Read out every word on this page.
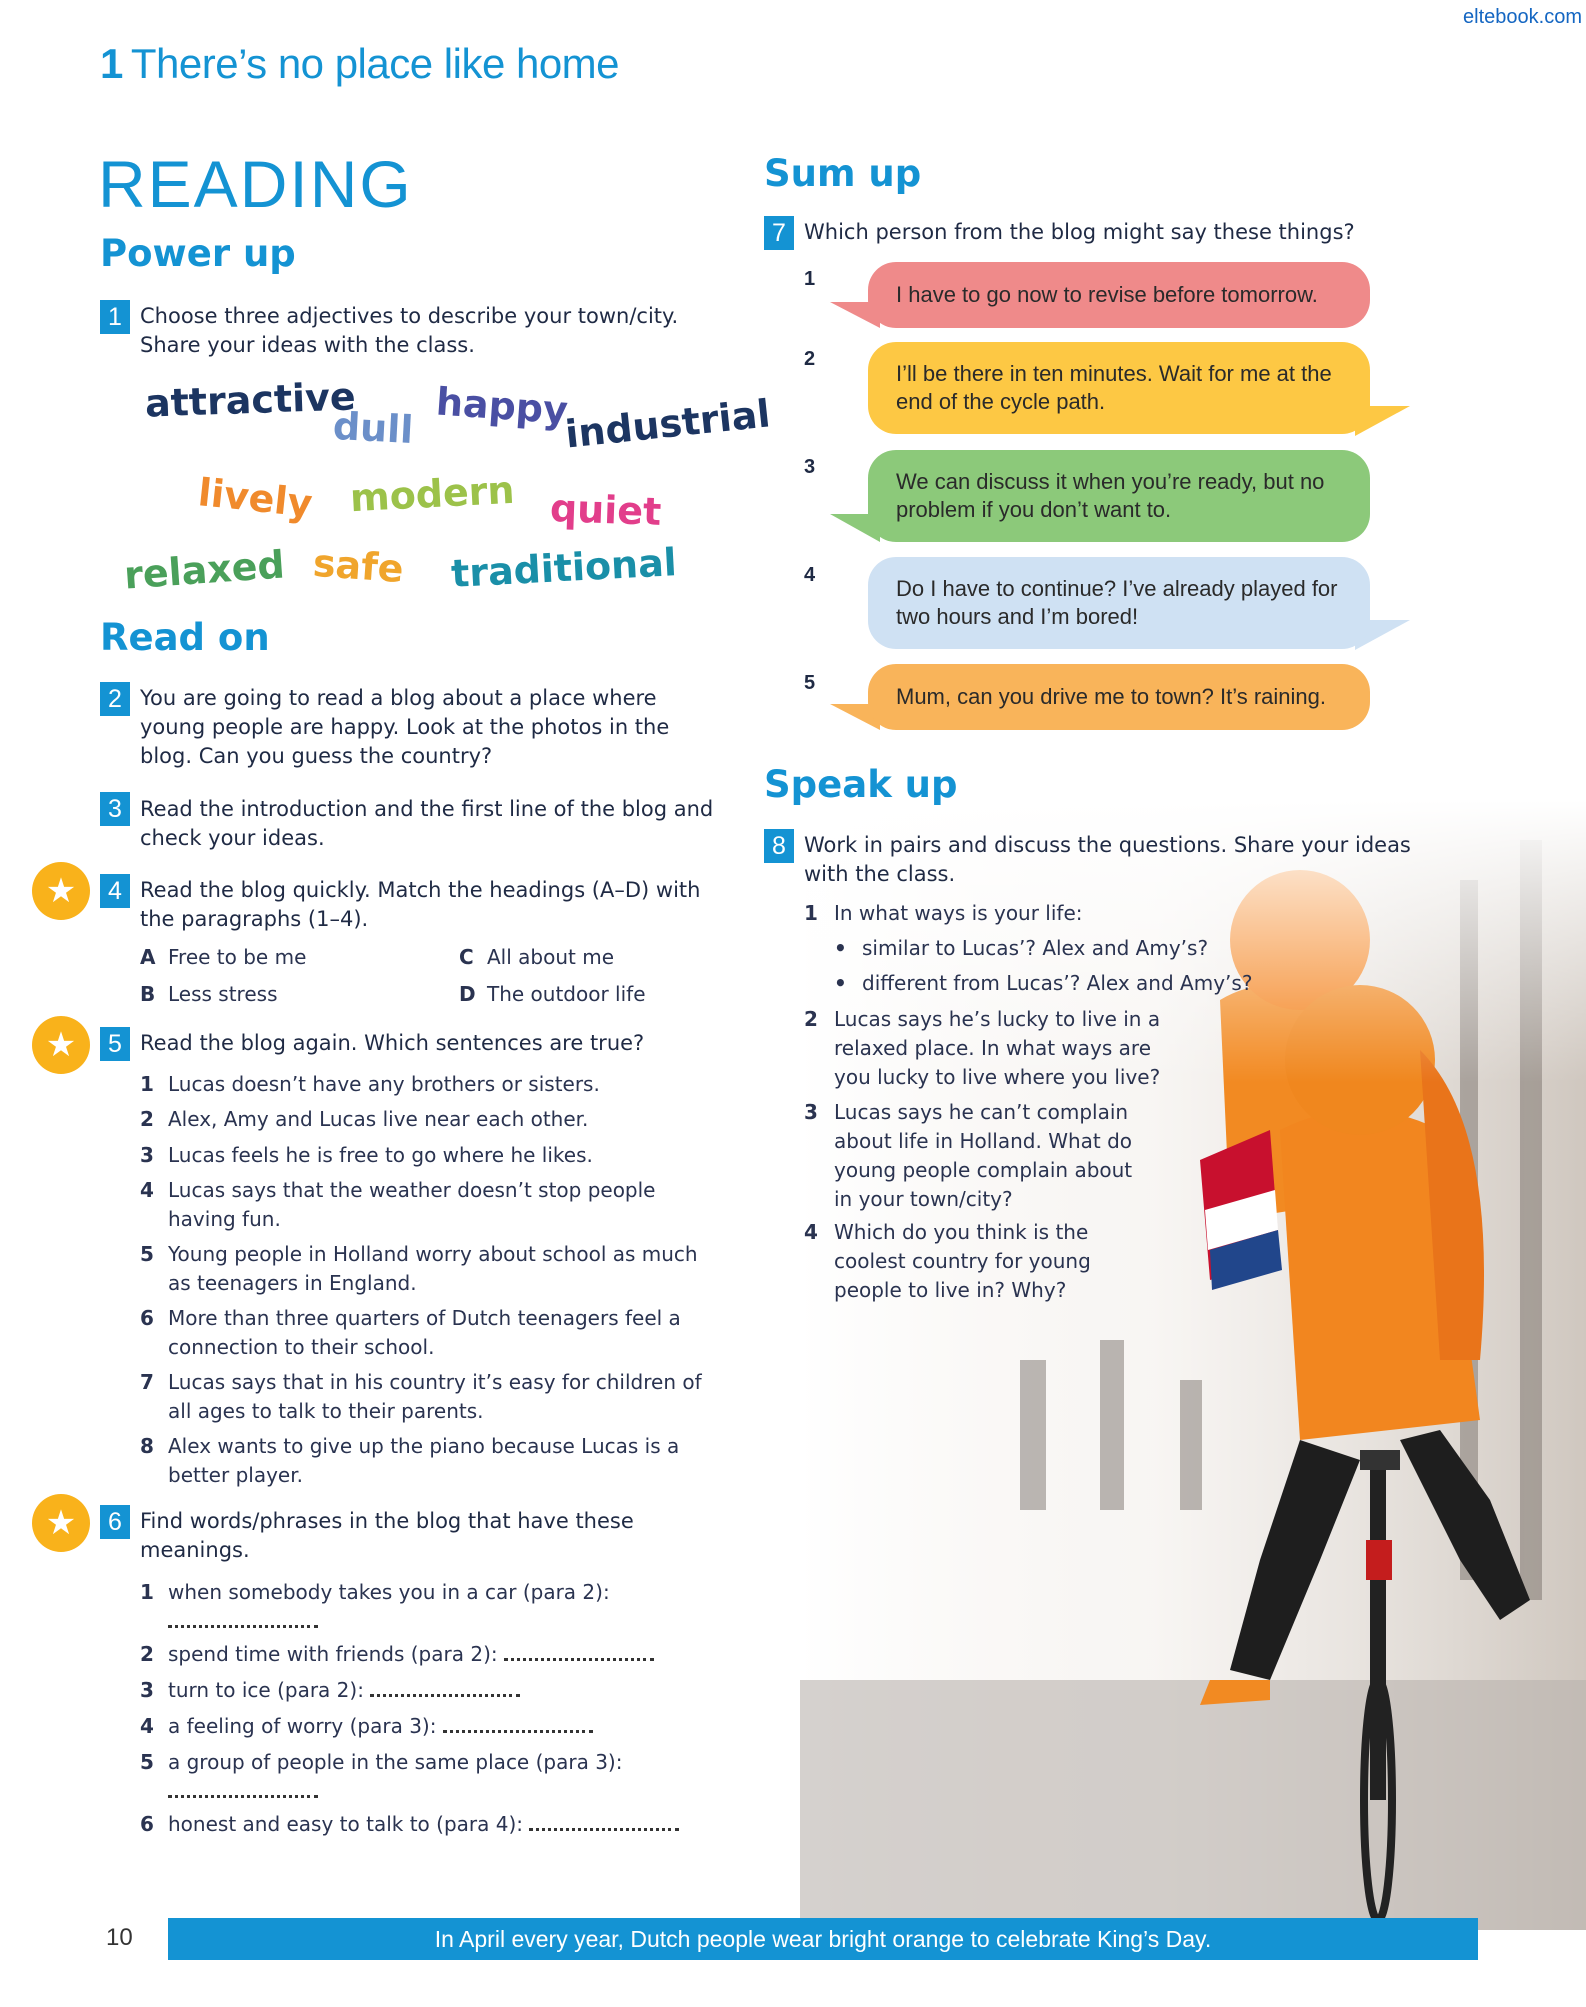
eltebook.com
1 There’s no place like home
READING
Power up
1 Choose three adjectives to describe your town/city. Share your ideas with the class.
attractive
dull happy
industrial
lively modern quiet
relaxed safe traditional
Read on
2 You are going to read a blog about a place where young people are happy. Look at the photos in the blog. Can you guess the country?
3 Read the introduction and the first line of the blog and check your ideas.
★	4 Read the blog quickly. Match the headings (A–D) with the paragraphs (1–4).
A Free to be me
B Less stress
C All about me
D The outdoor life
★	5 Read the blog again. Which sentences are true?
1 Lucas doesn’t have any brothers or sisters.
2 Alex, Amy and Lucas live near each other.
3 Lucas feels he is free to go where he likes.
4 Lucas says that the weather doesn’t stop people having fun.
5 Young people in Holland worry about school as much as teenagers in England.
6 More than three quarters of Dutch teenagers feel a connection to their school.
7 Lucas says that in his country it’s easy for children of all ages to talk to their parents.
8 Alex wants to give up the piano because Lucas is a better player.
★	6 Find words/phrases in the blog that have these meanings.
1 when somebody takes you in a car (para 2):

2 spend time with friends (para 2):
3 turn to ice (para 2):
4 a feeling of worry (para 3):
5 a group of people in the same place (para 3):

6 honest and easy to talk to (para 4):
Sum up
7 Which person from the blog might say these things?
1
I have to go now to revise before tomorrow.
2
I’ll be there in ten minutes. Wait for me at the end of the cycle path.
3
We can discuss it when you’re ready, but no problem if you don’t want to.
4
Do I have to continue? I’ve already played for two hours and I’m bored!
5
Mum, can you drive me to town? It’s raining.
Speak up
8 Work in pairs and discuss the questions. Share your ideas with the class.
1 In what ways is your life:
• similar to Lucas’? Alex and Amy’s?
• different from Lucas’? Alex and Amy’s?
2 Lucas says he’s lucky to live in a relaxed place. In what ways are you lucky to live where you live?
3 Lucas says he can’t complain about life in Holland. What do young people complain about in your town/city?
4 Which do you think is the coolest country for young people to live in? Why?
10	In April every year, Dutch people wear bright orange to celebrate King’s Day.
